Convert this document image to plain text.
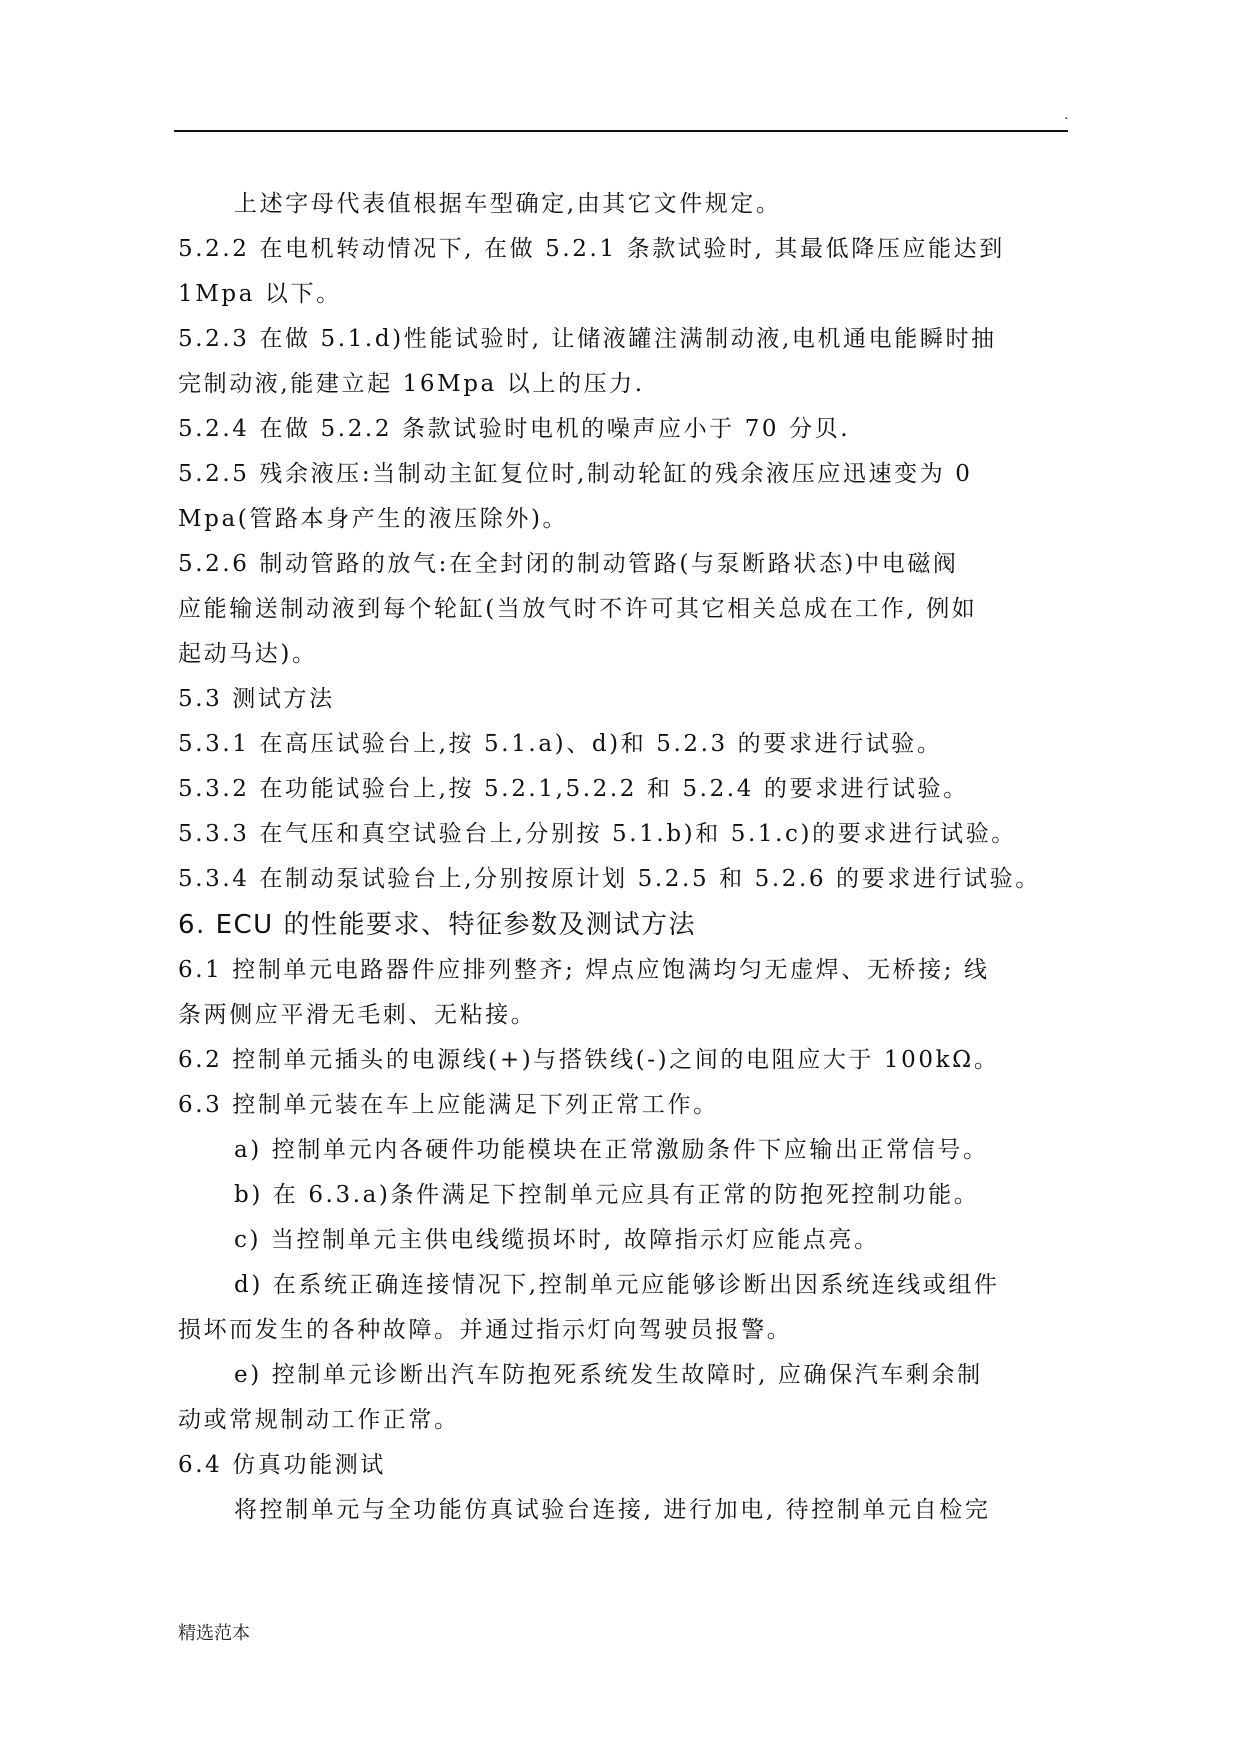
.
上述字母代表值根据车型确定,由其它文件规定。
5.2.2 在电机转动情况下, 在做 5.2.1 条款试验时, 其最低降压应能达到
1Mpa 以下。
5.2.3 在做 5.1.d)性能试验时, 让储液罐注满制动液,电机通电能瞬时抽
完制动液,能建立起 16Mpa 以上的压力.
5.2.4 在做 5.2.2 条款试验时电机的噪声应小于 70 分贝.
5.2.5 残余液压:当制动主缸复位时,制动轮缸的残余液压应迅速变为 0
Mpa(管路本身产生的液压除外)。
5.2.6 制动管路的放气:在全封闭的制动管路(与泵断路状态)中电磁阀
应能输送制动液到每个轮缸(当放气时不许可其它相关总成在工作, 例如
起动马达)。
5.3 测试方法
5.3.1 在高压试验台上,按 5.1.a)、d)和 5.2.3 的要求进行试验。
5.3.2 在功能试验台上,按 5.2.1,5.2.2 和 5.2.4 的要求进行试验。
5.3.3 在气压和真空试验台上,分别按 5.1.b)和 5.1.c)的要求进行试验。
5.3.4 在制动泵试验台上,分别按原计划 5.2.5 和 5.2.6 的要求进行试验。
6. ECU 的性能要求、特征参数及测试方法
6.1 控制单元电路器件应排列整齐; 焊点应饱满均匀无虚焊、无桥接; 线
条两侧应平滑无毛刺、无粘接。
6.2 控制单元插头的电源线(+)与搭铁线(-)之间的电阻应大于 100kΩ。
6.3 控制单元装在车上应能满足下列正常工作。
a) 控制单元内各硬件功能模块在正常激励条件下应输出正常信号。
b) 在 6.3.a)条件满足下控制单元应具有正常的防抱死控制功能。
c) 当控制单元主供电线缆损坏时, 故障指示灯应能点亮。
d) 在系统正确连接情况下,控制单元应能够诊断出因系统连线或组件
损坏而发生的各种故障。并通过指示灯向驾驶员报警。
e) 控制单元诊断出汽车防抱死系统发生故障时, 应确保汽车剩余制
动或常规制动工作正常。
6.4 仿真功能测试
将控制单元与全功能仿真试验台连接, 进行加电, 待控制单元自检完
精选范本
